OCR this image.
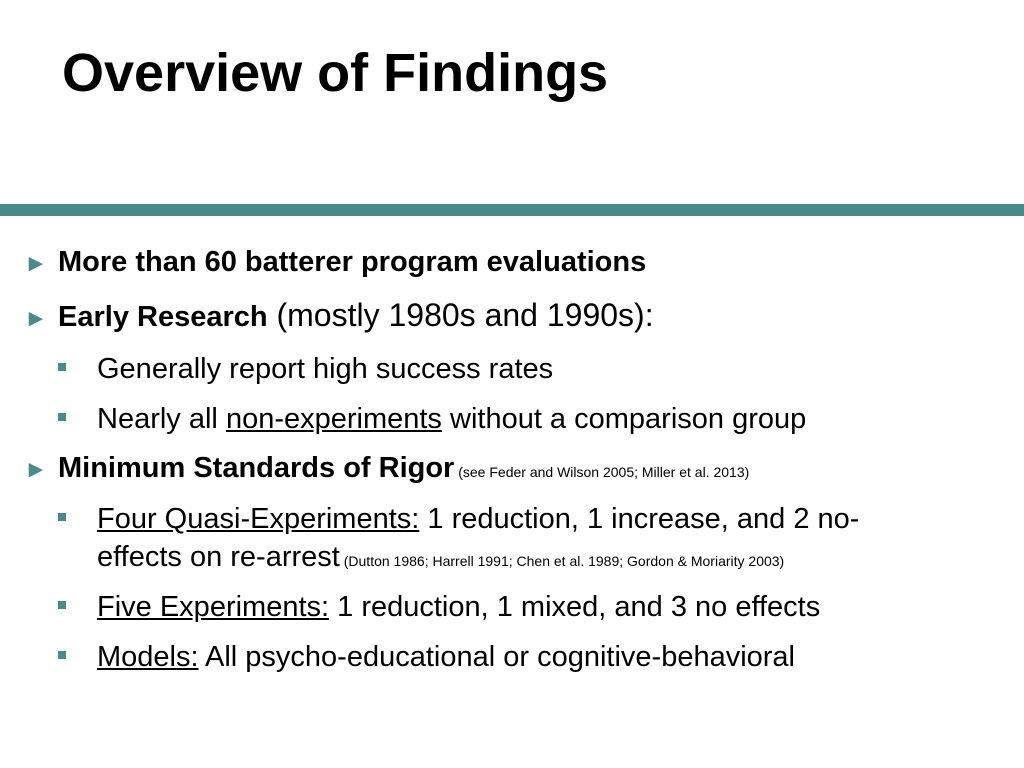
Overview of Findings
► More than 60 batterer program evaluations
► Early Research (mostly 1980s and 1990s):
Generally report high success rates
Nearly all non-experiments without a comparison group
► Minimum Standards of Rigor (see Feder and Wilson 2005; Miller et al. 2013)
Four Quasi-Experiments: 1 reduction, 1 increase, and 2 no-
effects on re-arrest (Dutton 1986; Harrell 1991; Chen et al. 1989; Gordon & Moriarity 2003)
Five Experiments: 1 reduction, 1 mixed, and 3 no effects
Models: All psycho-educational or cognitive-behavioral
